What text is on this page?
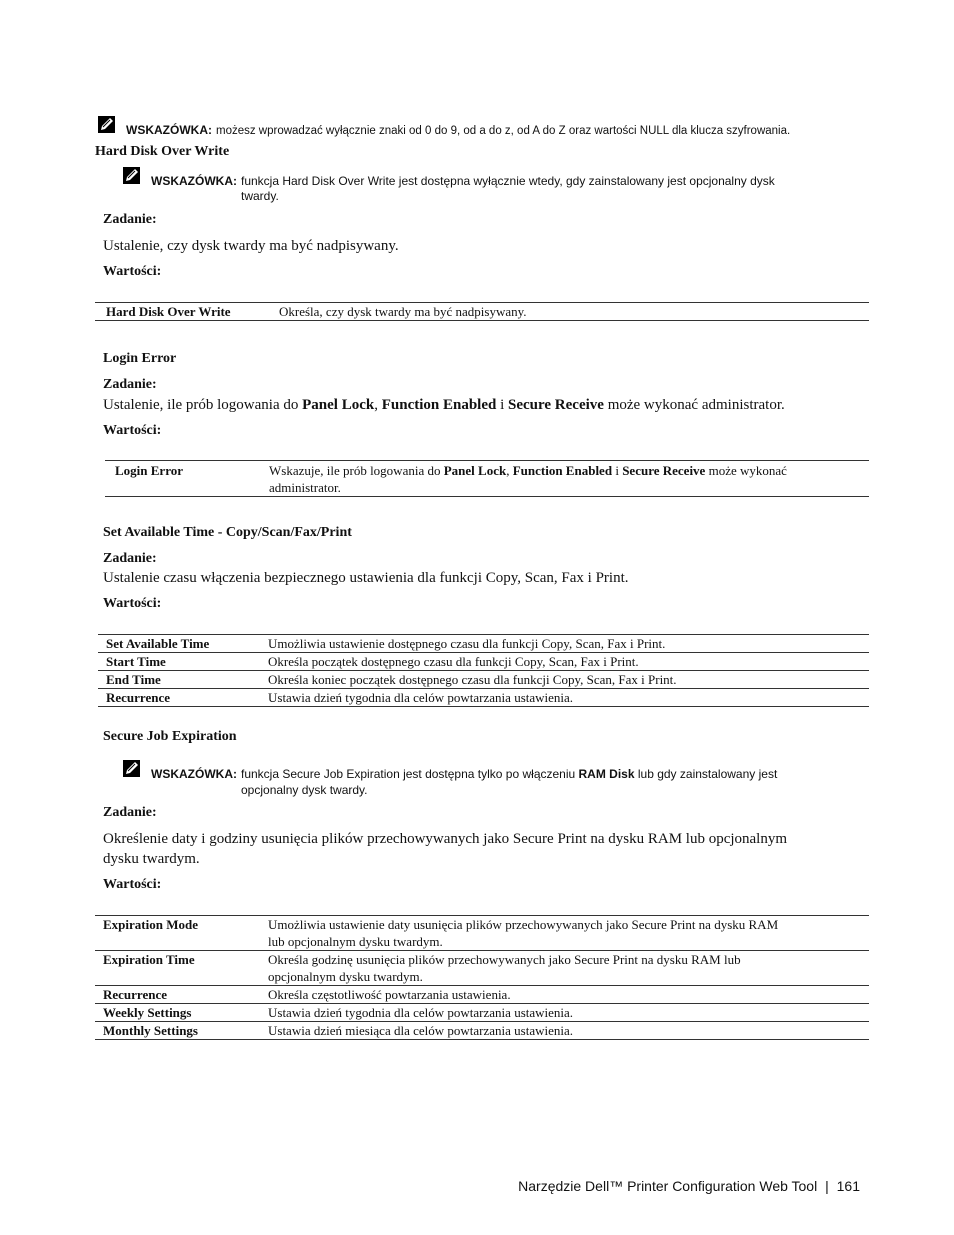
WSKAZÓWKA: możesz wprowadzać wyłącznie znaki od 0 do 9, od a do z, od A do Z oraz wartości NULL dla klucza szyfrowania.
Hard Disk Over Write
WSKAZÓWKA: funkcja Hard Disk Over Write jest dostępna wyłącznie wtedy, gdy zainstalowany jest opcjonalny dysk
twardy.
Zadanie:
Ustalenie, czy dysk twardy ma być nadpisywany.
Wartości:
Hard Disk Over Write	Określa, czy dysk twardy ma być nadpisywany.
Login Error
Zadanie:
Ustalenie, ile prób logowania do Panel Lock, Function Enabled i Secure Receive może wykonać administrator.
Wartości:
Login Error	Wskazuje, ile prób logowania do Panel Lock, Function Enabled i Secure Receive może wykonać
administrator.
Set Available Time - Copy/Scan/Fax/Print
Zadanie:
Ustalenie czasu włączenia bezpiecznego ustawienia dla funkcji Copy, Scan, Fax i Print.
Wartości:
Set Available Time	Umożliwia ustawienie dostępnego czasu dla funkcji Copy, Scan, Fax i Print.
Start Time	Określa początek dostępnego czasu dla funkcji Copy, Scan, Fax i Print.
End Time	Określa koniec początek dostępnego czasu dla funkcji Copy, Scan, Fax i Print.
Recurrence	Ustawia dzień tygodnia dla celów powtarzania ustawienia.
Secure Job Expiration
WSKAZÓWKA: funkcja Secure Job Expiration jest dostępna tylko po włączeniu RAM Disk lub gdy zainstalowany jest
opcjonalny dysk twardy.
Zadanie:
Określenie daty i godziny usunięcia plików przechowywanych jako Secure Print na dysku RAM lub opcjonalnym
dysku twardym.
Wartości:
Expiration Mode	Umożliwia ustawienie daty usunięcia plików przechowywanych jako Secure Print na dysku RAM
lub opcjonalnym dysku twardym.
Expiration Time	Określa godzinę usunięcia plików przechowywanych jako Secure Print na dysku RAM lub
opcjonalnym dysku twardym.
Recurrence	Określa częstotliwość powtarzania ustawienia.
Weekly Settings	Ustawia dzień tygodnia dla celów powtarzania ustawienia.
Monthly Settings	Ustawia dzień miesiąca dla celów powtarzania ustawienia.
Narzędzie Dell™ Printer Configuration Web Tool | 161
